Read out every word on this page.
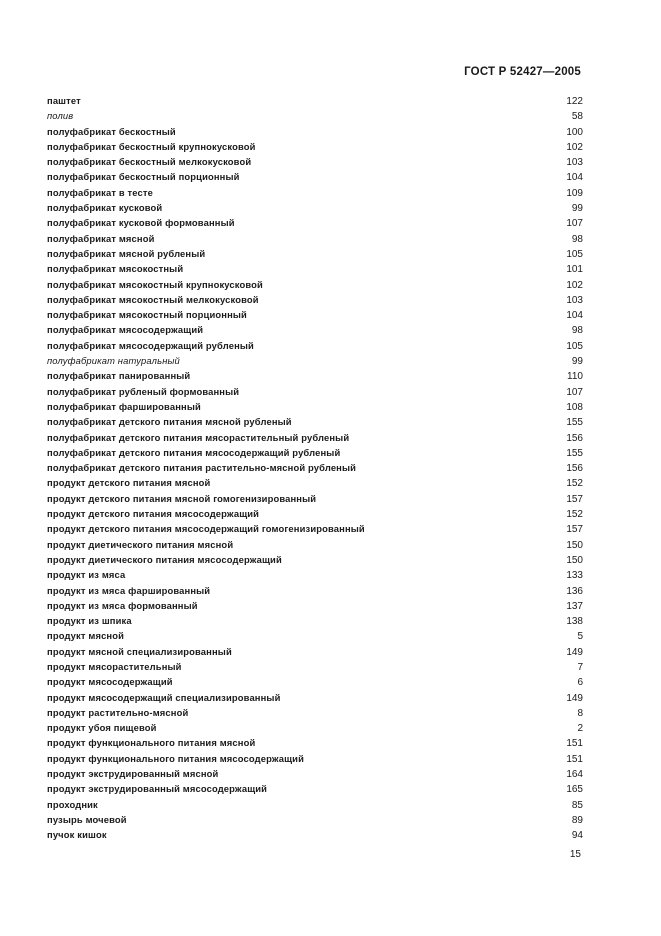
ГОСТ Р 52427—2005
паштет	122
полив	58
полуфабрикат бескостный	100
полуфабрикат бескостный крупнокусковой	102
полуфабрикат бескостный мелкокусковой	103
полуфабрикат бескостный порционный	104
полуфабрикат в тесте	109
полуфабрикат кусковой	99
полуфабрикат кусковой формованный	107
полуфабрикат мясной	98
полуфабрикат мясной рубленый	105
полуфабрикат мясокостный	101
полуфабрикат мясокостный крупнокусковой	102
полуфабрикат мясокостный мелкокусковой	103
полуфабрикат мясокостный порционный	104
полуфабрикат мясосодержащий	98
полуфабрикат мясосодержащий рубленый	105
полуфабрикат натуральный	99
полуфабрикат панированный	110
полуфабрикат рубленый формованный	107
полуфабрикат фаршированный	108
полуфабрикат детского питания мясной рубленый	155
полуфабрикат детского питания мясорастительный рубленый	156
полуфабрикат детского питания мясосодержащий рубленый	155
полуфабрикат детского питания растительно-мясной рубленый	156
продукт детского питания мясной	152
продукт детского питания мясной гомогенизированный	157
продукт детского питания мясосодержащий	152
продукт детского питания мясосодержащий гомогенизированный	157
продукт диетического питания мясной	150
продукт диетического питания мясосодержащий	150
продукт из мяса	133
продукт из мяса фаршированный	136
продукт из мяса формованный	137
продукт из шпика	138
продукт мясной	5
продукт мясной специализированный	149
продукт мясорастительный	7
продукт мясосодержащий	6
продукт мясосодержащий специализированный	149
продукт растительно-мясной	8
продукт убоя пищевой	2
продукт функционального питания мясной	151
продукт функционального питания мясосодержащий	151
продукт экструдированный мясной	164
продукт экструдированный мясосодержащий	165
проходник	85
пузырь мочевой	89
пучок кишок	94
15
